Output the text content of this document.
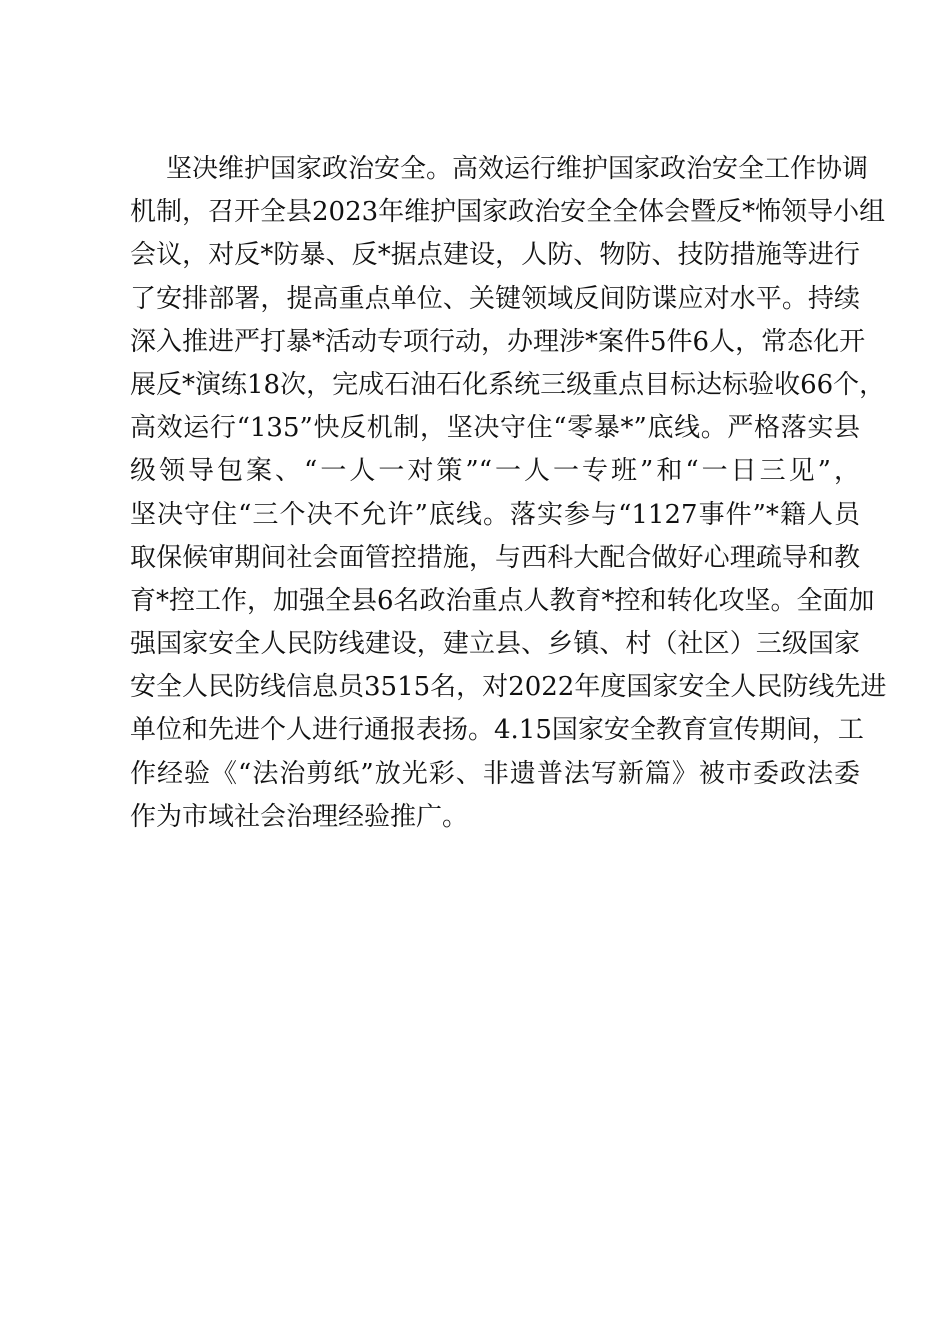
坚决维护国家政治安全。高效运行维护国家政治安全工作协调
机制，召开全县2023年维护国家政治安全全体会暨反*怖领导小组
会议，对反*防暴、反*据点建设，人防、物防、技防措施等进行
了安排部署，提高重点单位、关键领域反间防谍应对水平。持续
深入推进严打暴*活动专项行动，办理涉*案件5件6人，常态化开
展反*演练18次，完成石油石化系统三级重点目标达标验收66个，
高效运行“135”快反机制，坚决守住“零暴*”底线。严格落实县
级领导包案、“一人一对策”“一人一专班”和“一日三见”，
坚决守住“三个决不允许”底线。落实参与“1127事件”*籍人员
取保候审期间社会面管控措施，与西科大配合做好心理疏导和教
育*控工作，加强全县6名政治重点人教育*控和转化攻坚。全面加
强国家安全人民防线建设，建立县、乡镇、村（社区）三级国家
安全人民防线信息员3515名，对2022年度国家安全人民防线先进
单位和先进个人进行通报表扬。4.15国家安全教育宣传期间，工
作经验《“法治剪纸”放光彩、非遗普法写新篇》被市委政法委
作为市域社会治理经验推广。
